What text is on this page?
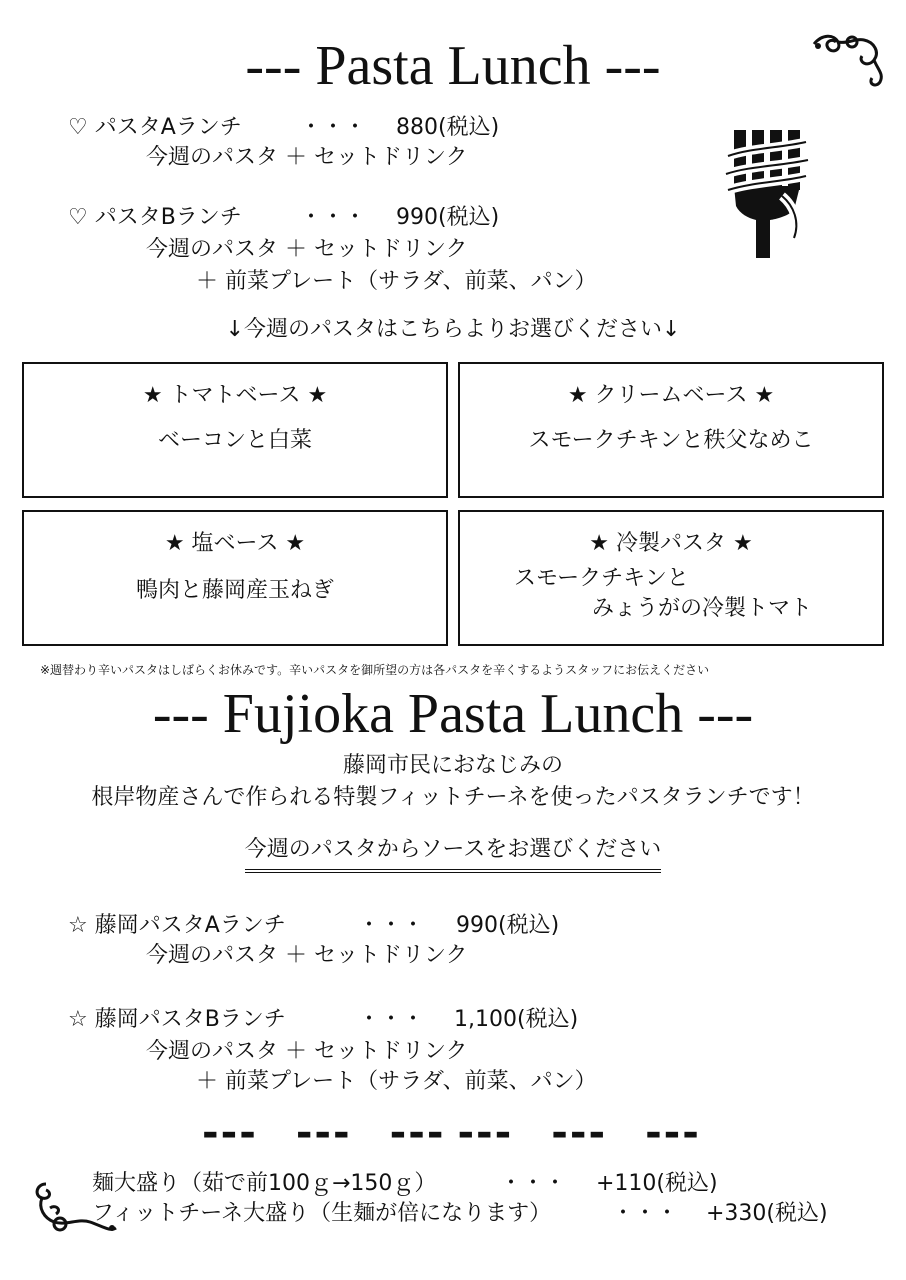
--- Pasta Lunch ---
♡ パスタAランチ	・・・ 880(税込)
今週のパスタ ＋ セットドリンク
♡ パスタBランチ	・・・ 990(税込)
今週のパスタ ＋ セットドリンク
＋ 前菜プレート（サラダ、前菜、パン）
↓今週のパスタはこちらよりお選びください↓
★ トマトベース ★
ベーコンと白菜
★ クリームベース ★
スモークチキンと秩父なめこ
★ 塩ベース ★
鴨肉と藤岡産玉ねぎ
★ 冷製パスタ ★
スモークチキンと
みょうがの冷製トマト
※週替わり辛いパスタはしばらくお休みです。辛いパスタを御所望の方は各パスタを辛くするようスタッフにお伝えください
--- Fujioka Pasta Lunch ---
藤岡市民におなじみの
根岸物産さんで作られる特製フィットチーネを使ったパスタランチです！
今週のパスタからソースをお選びください
☆ 藤岡パスタAランチ	・・・ 990(税込)
今週のパスタ ＋ セットドリンク
☆ 藤岡パスタBランチ	・・・ 1,100(税込)
今週のパスタ ＋ セットドリンク
＋ 前菜プレート（サラダ、前菜、パン）
--- --- --- --- --- ---
麺大盛り（茹で前100ｇ→150ｇ）	・・・ +110(税込)
フィットチーネ大盛り（生麺が倍になります）	・・・ +330(税込)
